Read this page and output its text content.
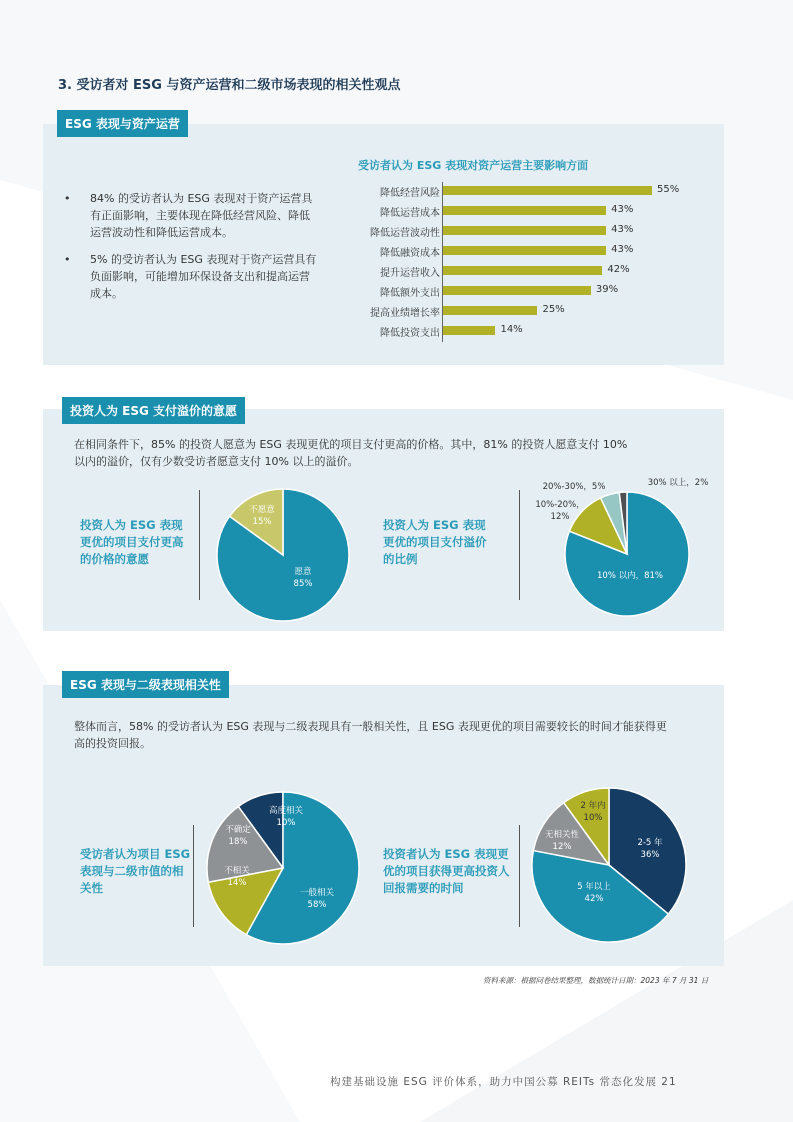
3. 受访者对 ESG 与资产运营和二级市场表现的相关性观点
ESG 表现与资产运营
• 84% 的受访者认为 ESG 表现对于资产运营具有正面影响，主要体现在降低经营风险、降低运营波动性和降低运营成本。
• 5% 的受访者认为 ESG 表现对于资产运营具有负面影响，可能增加环保设备支出和提高运营成本。
受访者认为 ESG 表现对资产运营主要影响方面
降低经营风险	55%
降低运营成本	43%
降低运营波动性	43%
降低融资成本	43%
提升运营收入	42%
降低额外支出	39%
提高业绩增长率	25%
降低投资支出	14%
投资人为 ESG 支付溢价的意愿
在相同条件下，85% 的投资人愿意为 ESG 表现更优的项目支付更高的价格。其中，81% 的投资人愿意支付 10% 以内的溢价，仅有少数受访者愿意支付 10% 以上的溢价。
投资人为 ESG 表现更优的项目支付更高的价格的意愿
投资人为 ESG 表现更优的项目支付溢价的比例
愿意
85%
不愿意
15%
10% 以内，81%
10%-20%，
12%
20%-30%，5%	30% 以上，2%
ESG 表现与二级表现相关性
整体而言，58% 的受访者认为 ESG 表现与二级表现具有一般相关性，且 ESG 表现更优的项目需要较长的时间才能获得更高的投资回报。
受访者认为项目 ESG 表现与二级市值的相关性
投资者认为 ESG 表现更优的项目获得更高投资人回报需要的时间
高度相关
10%
一般相关
58%
不相关
14%
不确定
18%	2-5 年
36%
5 年以上
42%
无相关性
12%
2 年内
10%
资料来源：根据问卷结果整理，数据统计日期：2023 年 7 月 31 日
构建基础设施 ESG 评价体系，助力中国公募 REITs 常态化发展 21
